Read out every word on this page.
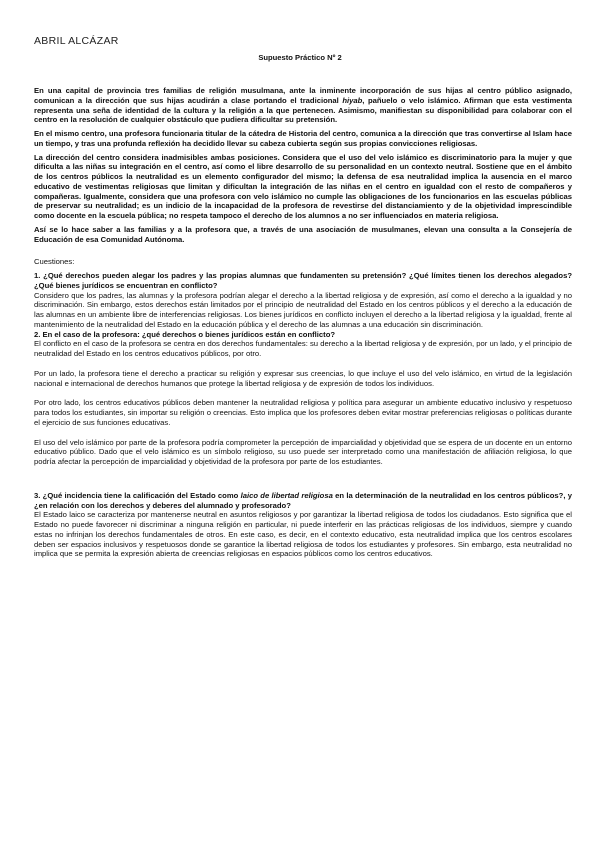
ABRIL ALCÁZAR
Supuesto Práctico Nº 2

En una capital de provincia tres familias de religión musulmana, ante la inminente incorporación de sus hijas al centro público asignado, comunican a la dirección que sus hijas acudirán a clase portando el tradicional hiyab, pañuelo o velo islámico. Afirman que esta vestimenta representa una seña de identidad de la cultura y la religión a la que pertenecen. Asimismo, manifiestan su disponibilidad para colaborar con el centro en la resolución de cualquier obstáculo que pudiera dificultar su pretensión.

En el mismo centro, una profesora funcionaria titular de la cátedra de Historia del centro, comunica a la dirección que tras convertirse al Islam hace un tiempo, y tras una profunda reflexión ha decidido llevar su cabeza cubierta según sus propias convicciones religiosas.

La dirección del centro considera inadmisibles ambas posiciones. Considera que el uso del velo islámico es discriminatorio para la mujer y que dificulta a las niñas su integración en el centro, así como el libre desarrollo de su personalidad en un contexto neutral. Sostiene que en el ámbito de los centros públicos la neutralidad es un elemento configurador del mismo; la defensa de esa neutralidad implica la ausencia en el marco educativo de vestimentas religiosas que limitan y dificultan la integración de las niñas en el centro en igualdad con el resto de compañeros y compañeras. Igualmente, considera que una profesora con velo islámico no cumple las obligaciones de los funcionarios en las escuelas públicas de preservar su neutralidad; es un indicio de la incapacidad de la profesora de revestirse del distanciamiento y de la objetividad imprescindible como docente en la escuela pública; no respeta tampoco el derecho de los alumnos a no ser influenciados en materia religiosa.

Así se lo hace saber a las familias y a la profesora que, a través de una asociación de musulmanes, elevan una consulta a la Consejería de Educación de esa Comunidad Autónoma.

Cuestiones:

1. ¿Qué derechos pueden alegar los padres y las propias alumnas que fundamenten su pretensión? ¿Qué límites tienen los derechos alegados? ¿Qué bienes jurídicos se encuentran en conflicto?

Considero que los padres, las alumnas y la profesora podrían alegar el derecho a la libertad religiosa y de expresión, así como el derecho a la igualdad y no discriminación. Sin embargo, estos derechos están limitados por el principio de neutralidad del Estado en los centros públicos y el derecho a la educación de las alumnas en un ambiente libre de interferencias religiosas. Los bienes jurídicos en conflicto incluyen el derecho a la libertad religiosa y la igualdad, frente al mantenimiento de la neutralidad del Estado en la educación pública y el derecho de las alumnas a una educación sin discriminación.

2. En el caso de la profesora: ¿qué derechos o bienes jurídicos están en conflicto?

El conflicto en el caso de la profesora se centra en dos derechos fundamentales: su derecho a la libertad religiosa y de expresión, por un lado, y el principio de neutralidad del Estado en los centros educativos públicos, por otro.

Por un lado, la profesora tiene el derecho a practicar su religión y expresar sus creencias, lo que incluye el uso del velo islámico, en virtud de la legislación nacional e internacional de derechos humanos que protege la libertad religiosa y de expresión de todos los individuos.

Por otro lado, los centros educativos públicos deben mantener la neutralidad religiosa y política para asegurar un ambiente educativo inclusivo y respetuoso para todos los estudiantes, sin importar su religión o creencias. Esto implica que los profesores deben evitar mostrar preferencias religiosas o políticas durante el ejercicio de sus funciones educativas.

El uso del velo islámico por parte de la profesora podría comprometer la percepción de imparcialidad y objetividad que se espera de un docente en un entorno educativo público. Dado que el velo islámico es un símbolo religioso, su uso puede ser interpretado como una manifestación de afiliación religiosa, lo que podría afectar la percepción de imparcialidad y objetividad de la profesora por parte de los estudiantes.

3. ¿Qué incidencia tiene la calificación del Estado como laico de libertad religiosa en la determinación de la neutralidad en los centros públicos?, y ¿en relación con los derechos y deberes del alumnado y profesorado?

El Estado laico se caracteriza por mantenerse neutral en asuntos religiosos y por garantizar la libertad religiosa de todos los ciudadanos. Esto significa que el Estado no puede favorecer ni discriminar a ninguna religión en particular, ni puede interferir en las prácticas religiosas de los individuos, siempre y cuando estas no infrinjan los derechos fundamentales de otros. En este caso, es decir, en el contexto educativo, esta neutralidad implica que los centros escolares deben ser espacios inclusivos y respetuosos donde se garantice la libertad religiosa de todos los estudiantes y profesores. Sin embargo, esta neutralidad no implica que se permita la expresión abierta de creencias religiosas en espacios públicos como los centros educativos.
